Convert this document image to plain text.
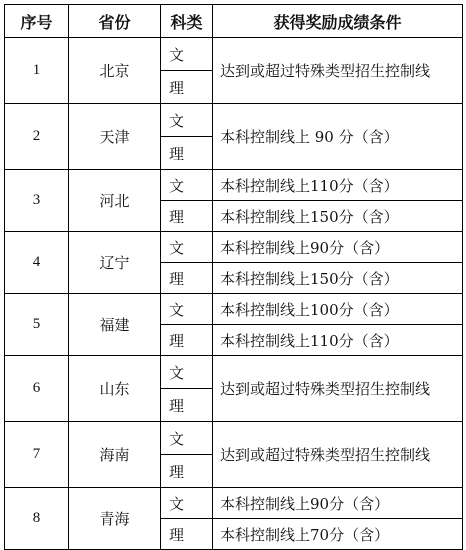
序号	省份	科类	获得奖励成绩条件
1	北京	文	达到或超过特殊类型招生控制线
		理	
2	天津	文	本科控制线上 90 分（含）
		理	
3	河北	文	本科控制线上110分（含）
		理	本科控制线上150分（含）
4	辽宁	文	本科控制线上90分（含）
		理	本科控制线上150分（含）
5	福建	文	本科控制线上100分（含）
		理	本科控制线上110分（含）
6	山东	文	达到或超过特殊类型招生控制线
		理	
7	海南	文	达到或超过特殊类型招生控制线
		理	
8	青海	文	本科控制线上90分（含）
		理	本科控制线上70分（含）
